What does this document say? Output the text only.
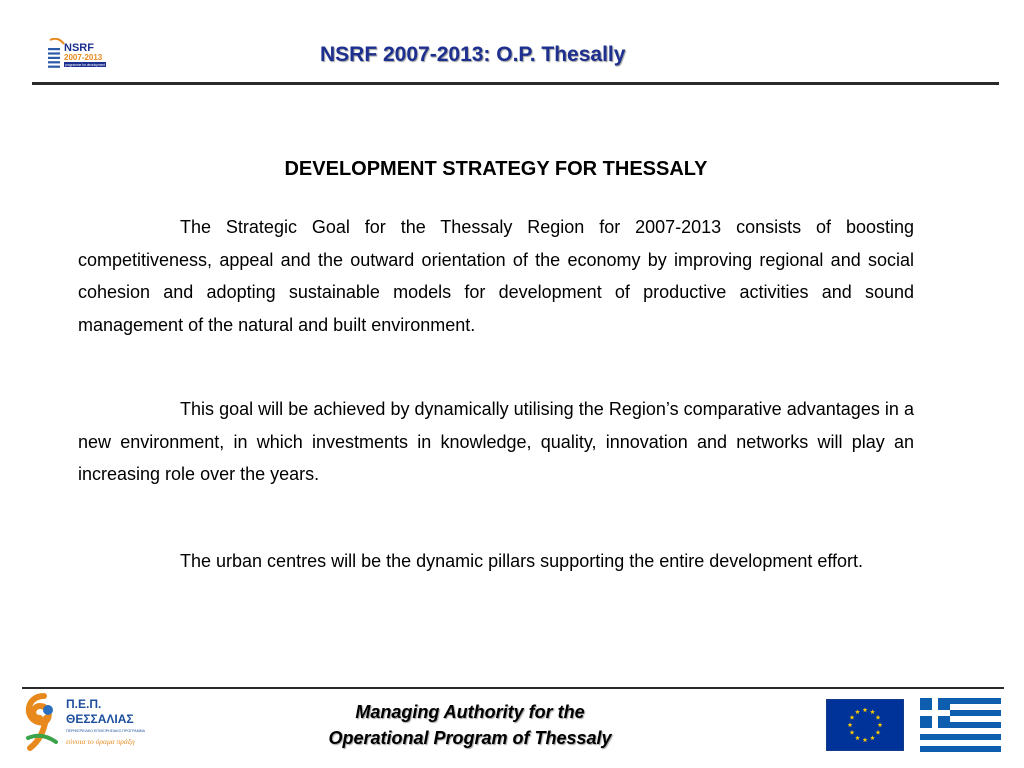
NSRF
2007-2013
programme for development	NSRF 2007-2013: O.P. Thesally
DEVELOPMENT STRATEGY FOR THESSALY

The Strategic Goal for the Thessaly Region for 2007-2013 consists of boosting competitiveness, appeal and the outward orientation of the economy by improving regional and social cohesion and adopting sustainable models for development of productive activities and sound management of the natural and built environment.

This goal will be achieved by dynamically utilising the Region’s comparative advantages in a new environment, in which investments in knowledge, quality, innovation and networks will play an increasing role over the years.

The urban centres will be the dynamic pillars supporting the entire development effort.

Π.Ε.Π.
ΘΕΣΣΑΛΙΑΣ
ΠΕΡΙΦΕΡΕΙΑΚΟ ΕΠΙΧΕΙΡΗΣΙΑΚΟ ΠΡΟΓΡΑΜΜΑ
εύνοια το όραμα πράξη
Managing Authority for the
Operational Program of Thessaly
